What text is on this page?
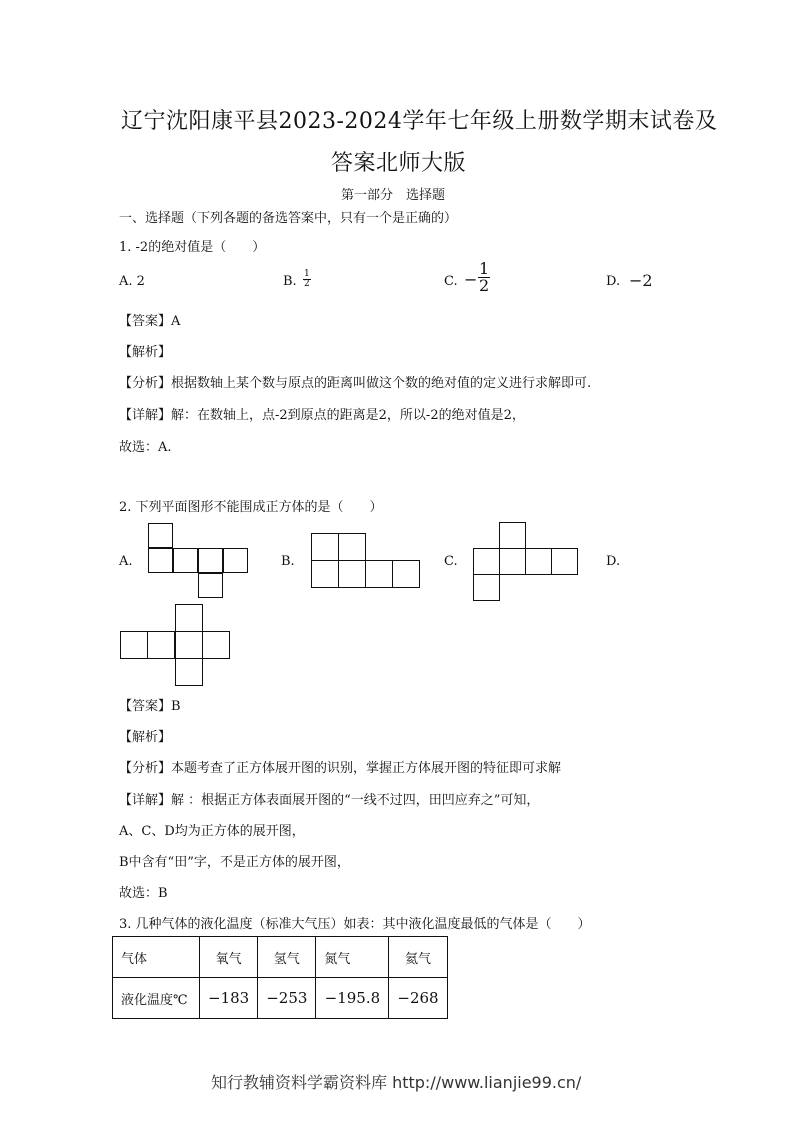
辽宁沈阳康平县2023-2024学年七年级上册数学期末试卷及
答案北师大版
第一部分　选择题
一、选择题（下列各题的备选答案中，只有一个是正确的）
1. -2的绝对值是（　　）
A. 2	B. $\frac{1}{2}$	C. − $\frac{1}{2}$	D. −2
【答案】A
【解析】
【分析】根据数轴上某个数与原点的距离叫做这个数的绝对值的定义进行求解即可.
【详解】解：在数轴上，点-2到原点的距离是2，所以-2的绝对值是2，
故选：A.
2. 下列平面图形不能围成正方体的是（　　）
A.	B.	C.	D.
【答案】B
【解析】
【分析】本题考查了正方体展开图的识别，掌握正方体展开图的特征即可求解
【详解】解 ：根据正方体表面展开图的“一线不过四，田凹应弃之”可知，
A、C、D均为正方体的展开图，
B中含有“田”字，不是正方体的展开图，
故选：B
3. 几种气体的液化温度（标准大气压）如表：其中液化温度最低的气体是（　　）
气体	氧气	氢气	氮气	氦气
液化温度℃	−183	−253	−195.8	−268
知行教辅资料学霸资料库 http://www.lianjie99.cn/
